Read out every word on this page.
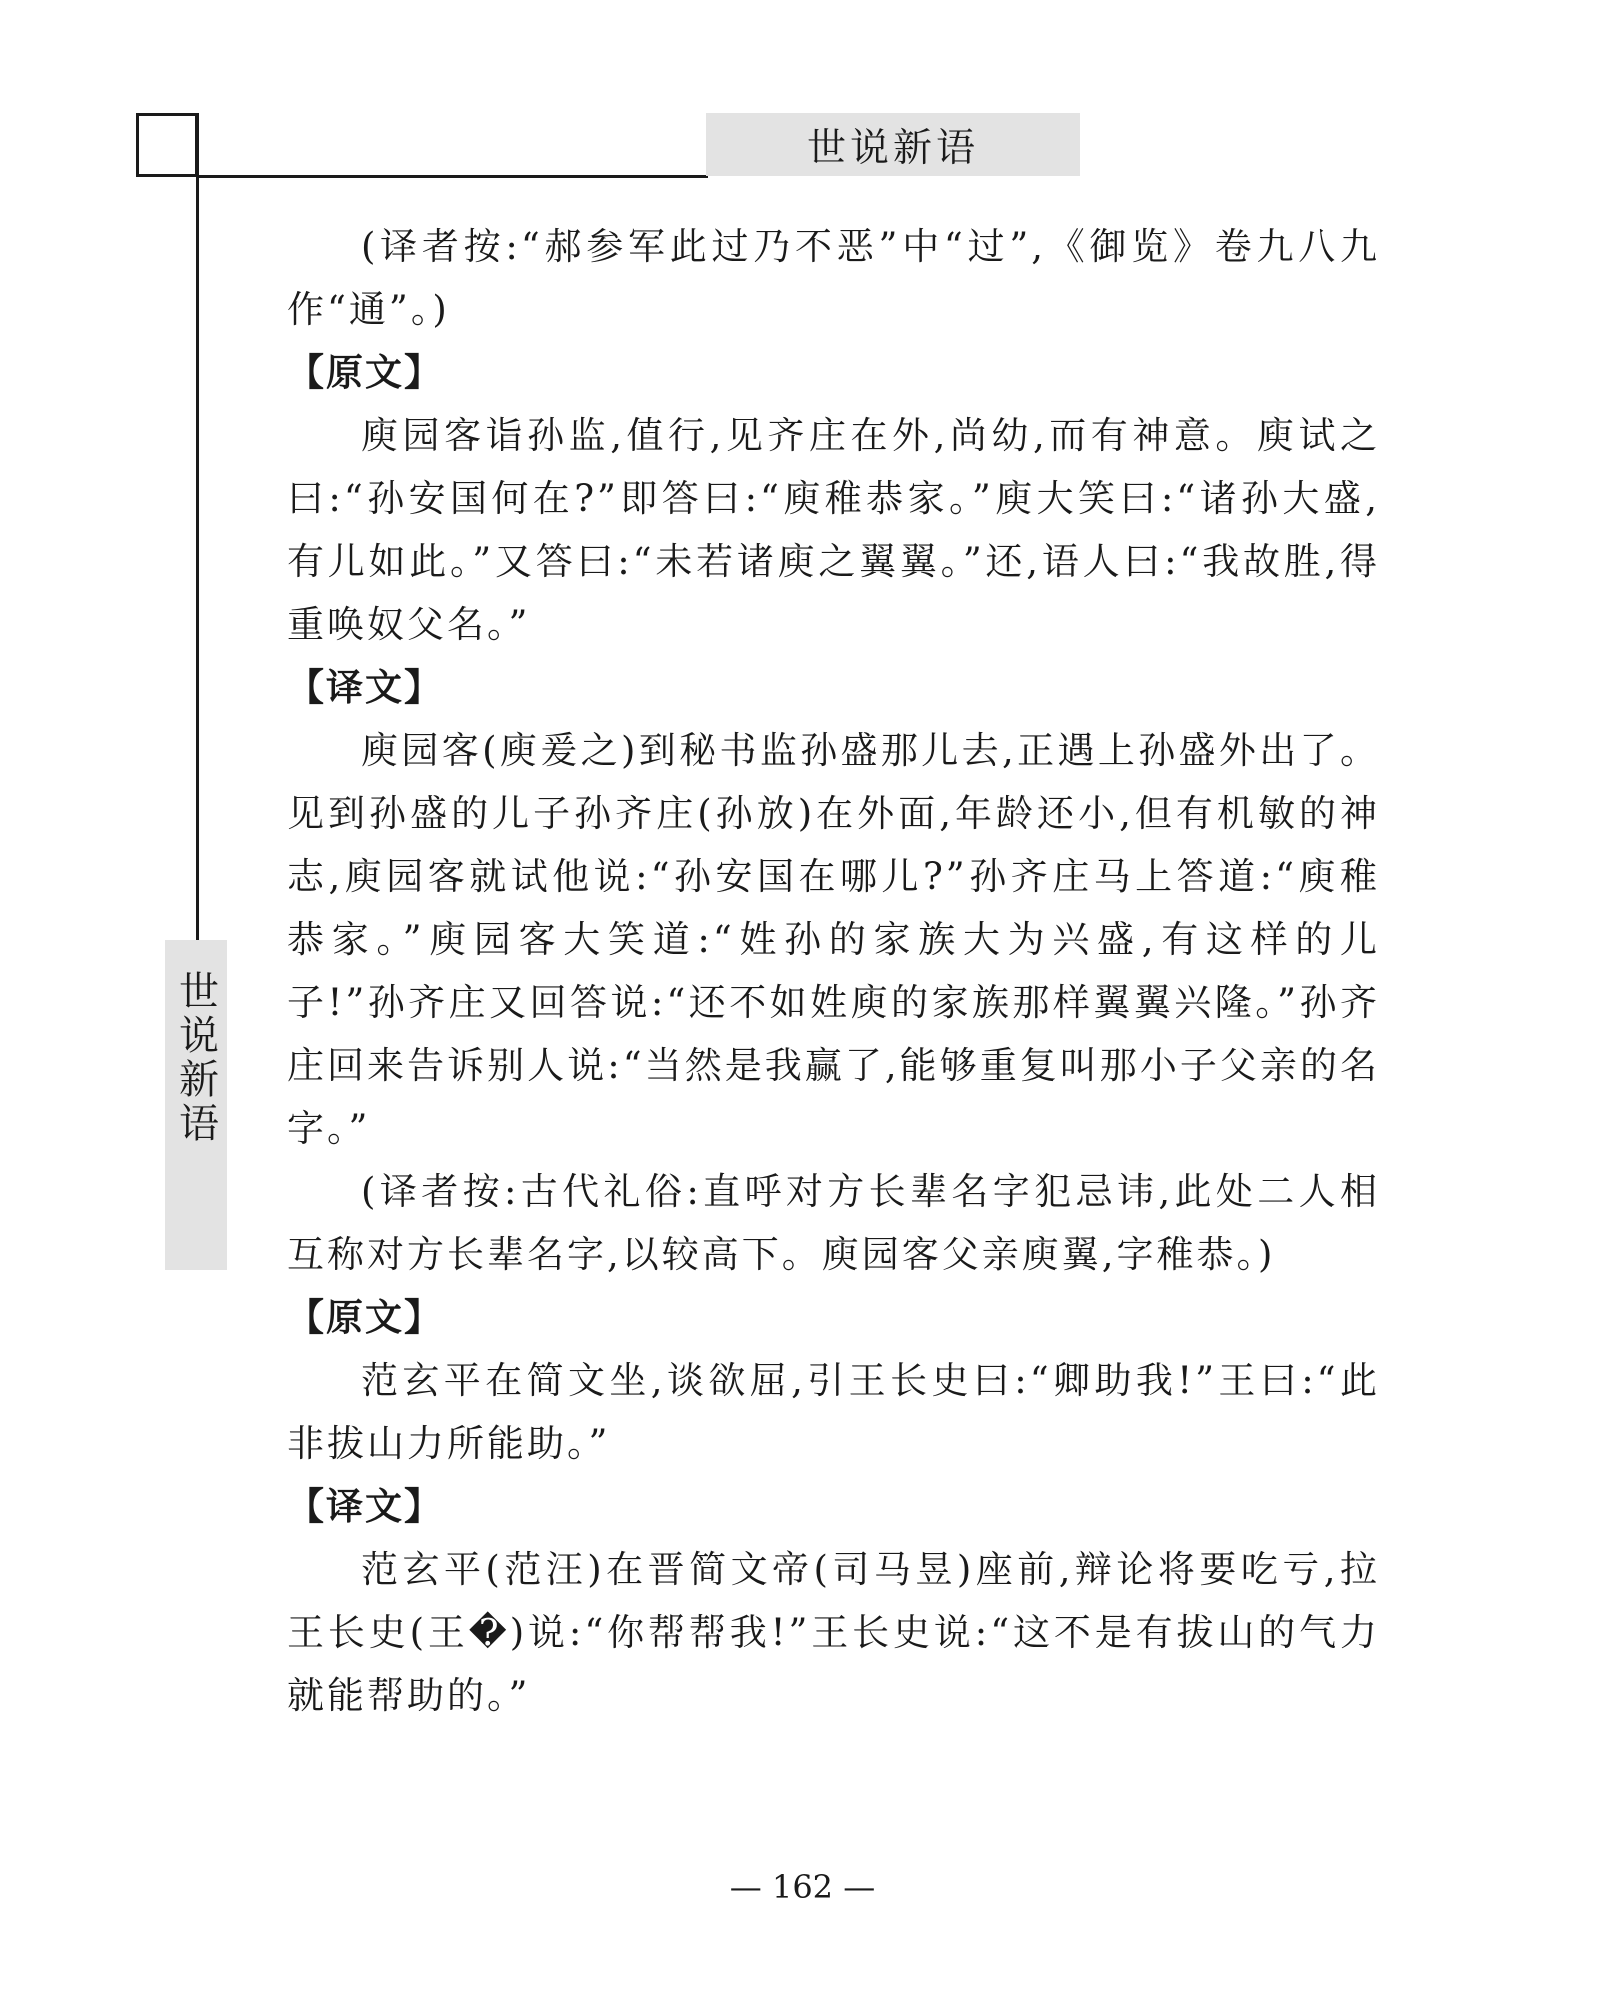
世说新语
世说新语

(译者按:“郝参军此过乃不恶”中“过”,《御览》卷九八九作“通”。)

【原文】

庾园客诣孙监,值行,见齐庄在外,尚幼,而有神意。庾试之曰:“孙安国何在?”即答曰:“庾稚恭家。”庾大笑曰:“诸孙大盛,有儿如此。”又答曰:“未若诸庾之翼翼。”还,语人曰:“我故胜,得重唤奴父名。”

【译文】

庾园客(庾爰之)到秘书监孙盛那儿去,正遇上孙盛外出了。见到孙盛的儿子孙齐庄(孙放)在外面,年龄还小,但有机敏的神志,庾园客就试他说:“孙安国在哪儿?”孙齐庄马上答道:“庾稚恭家。”庾园客大笑道:“姓孙的家族大为兴盛,有这样的儿子!”孙齐庄又回答说:“还不如姓庾的家族那样翼翼兴隆。”孙齐庄回来告诉别人说:“当然是我赢了,能够重复叫那小子父亲的名字。”

(译者按:古代礼俗:直呼对方长辈名字犯忌讳,此处二人相互称对方长辈名字,以较高下。庾园客父亲庾翼,字稚恭。)

【原文】

范玄平在简文坐,谈欲屈,引王长史曰:“卿助我!”王曰:“此非拔山力所能助。”

【译文】

范玄平(范汪)在晋简文帝(司马昱)座前,辩论将要吃亏,拉王长史(王�)说:“你帮帮我!”王长史说:“这不是有拔山的气力就能帮助的。”

— 162 —
